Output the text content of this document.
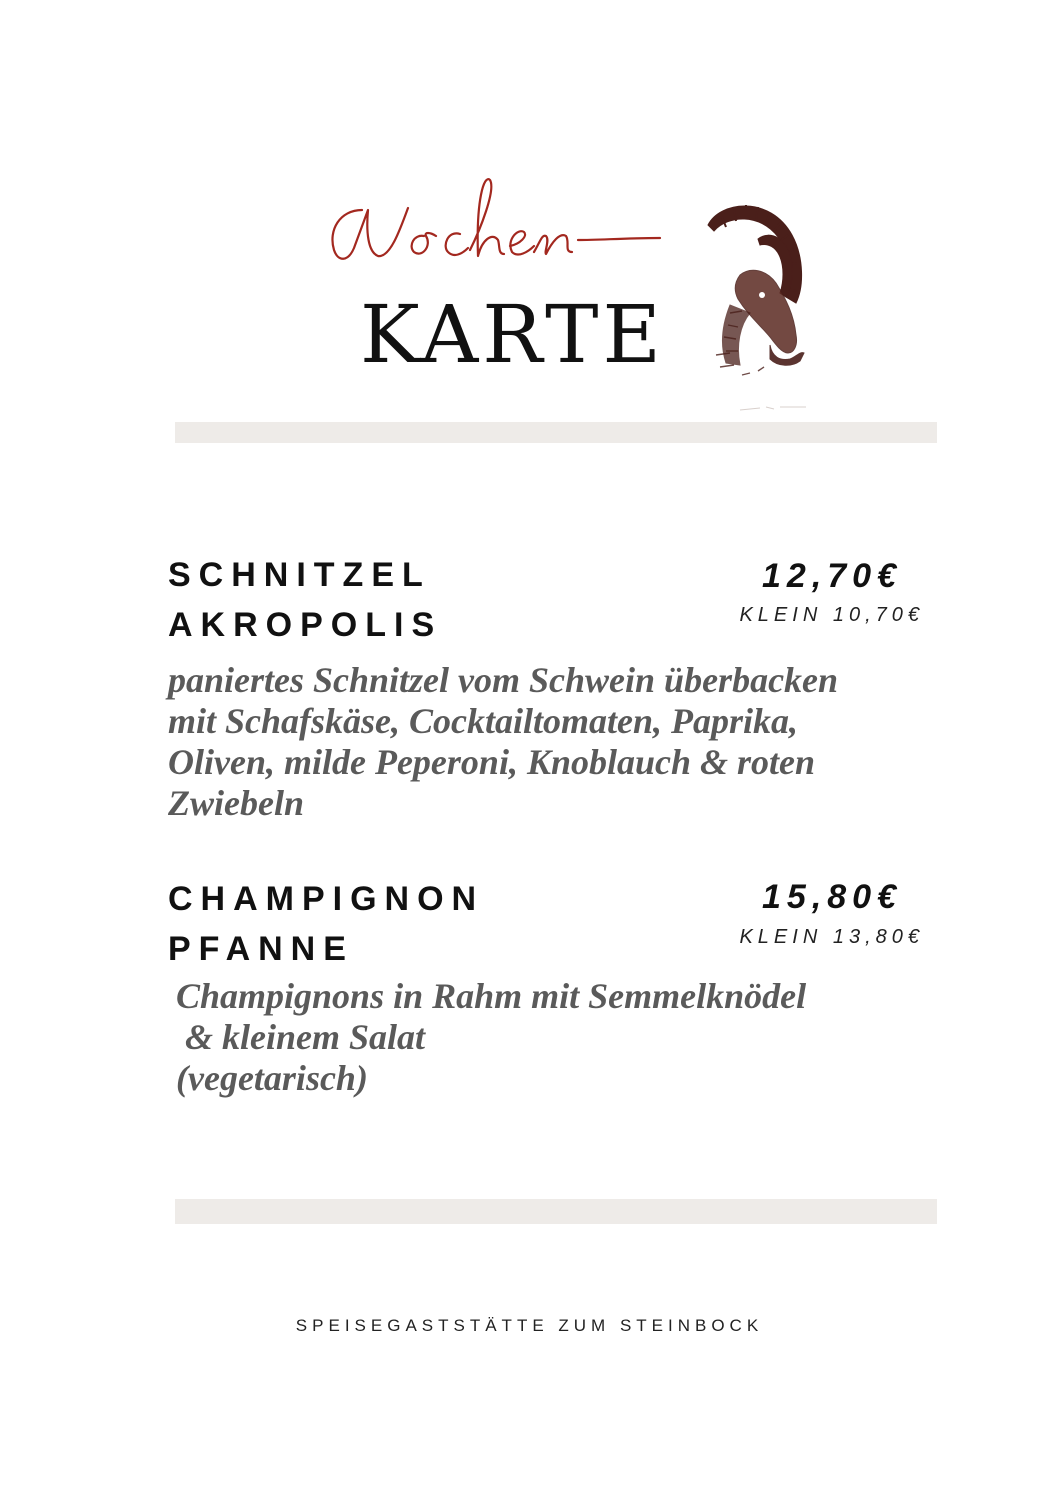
KARTE
SCHNITZEL
AKROPOLIS
12,70€
KLEIN 10,70€
paniertes Schnitzel vom Schwein überbacken
mit Schafskäse, Cocktailtomaten, Paprika,
Oliven, milde Peperoni, Knoblauch & roten
Zwiebeln
CHAMPIGNON
PFANNE
15,80€
KLEIN 13,80€
Champignons in Rahm mit Semmelknödel
& kleinem Salat
(vegetarisch)
SPEISEGASTSTÄTTE ZUM STEINBOCK
